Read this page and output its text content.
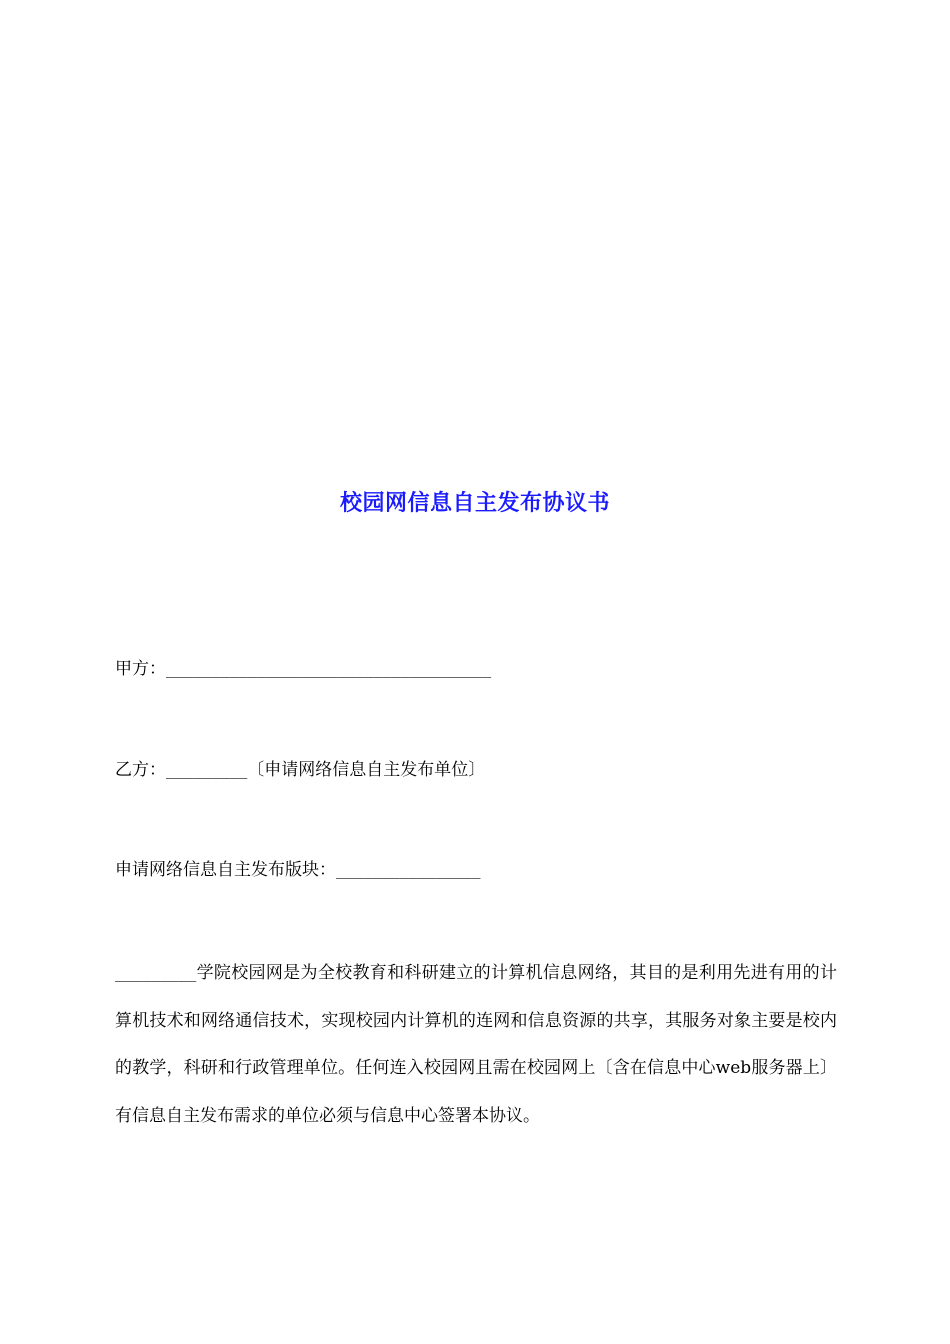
校园网信息自主发布协议书
甲方：____________________________________
乙方：_________〔申请网络信息自主发布单位〕
申请网络信息自主发布版块：________________
_________学院校园网是为全校教育和科研建立的计算机信息网络，其目的是利用先进有用的计算机技术和网络通信技术，实现校园内计算机的连网和信息资源的共享，其服务对象主要是校内的教学，科研和行政管理单位。任何连入校园网且需在校园网上〔含在信息中心web服务器上〕有信息自主发布需求的单位必须与信息中心签署本协议。
